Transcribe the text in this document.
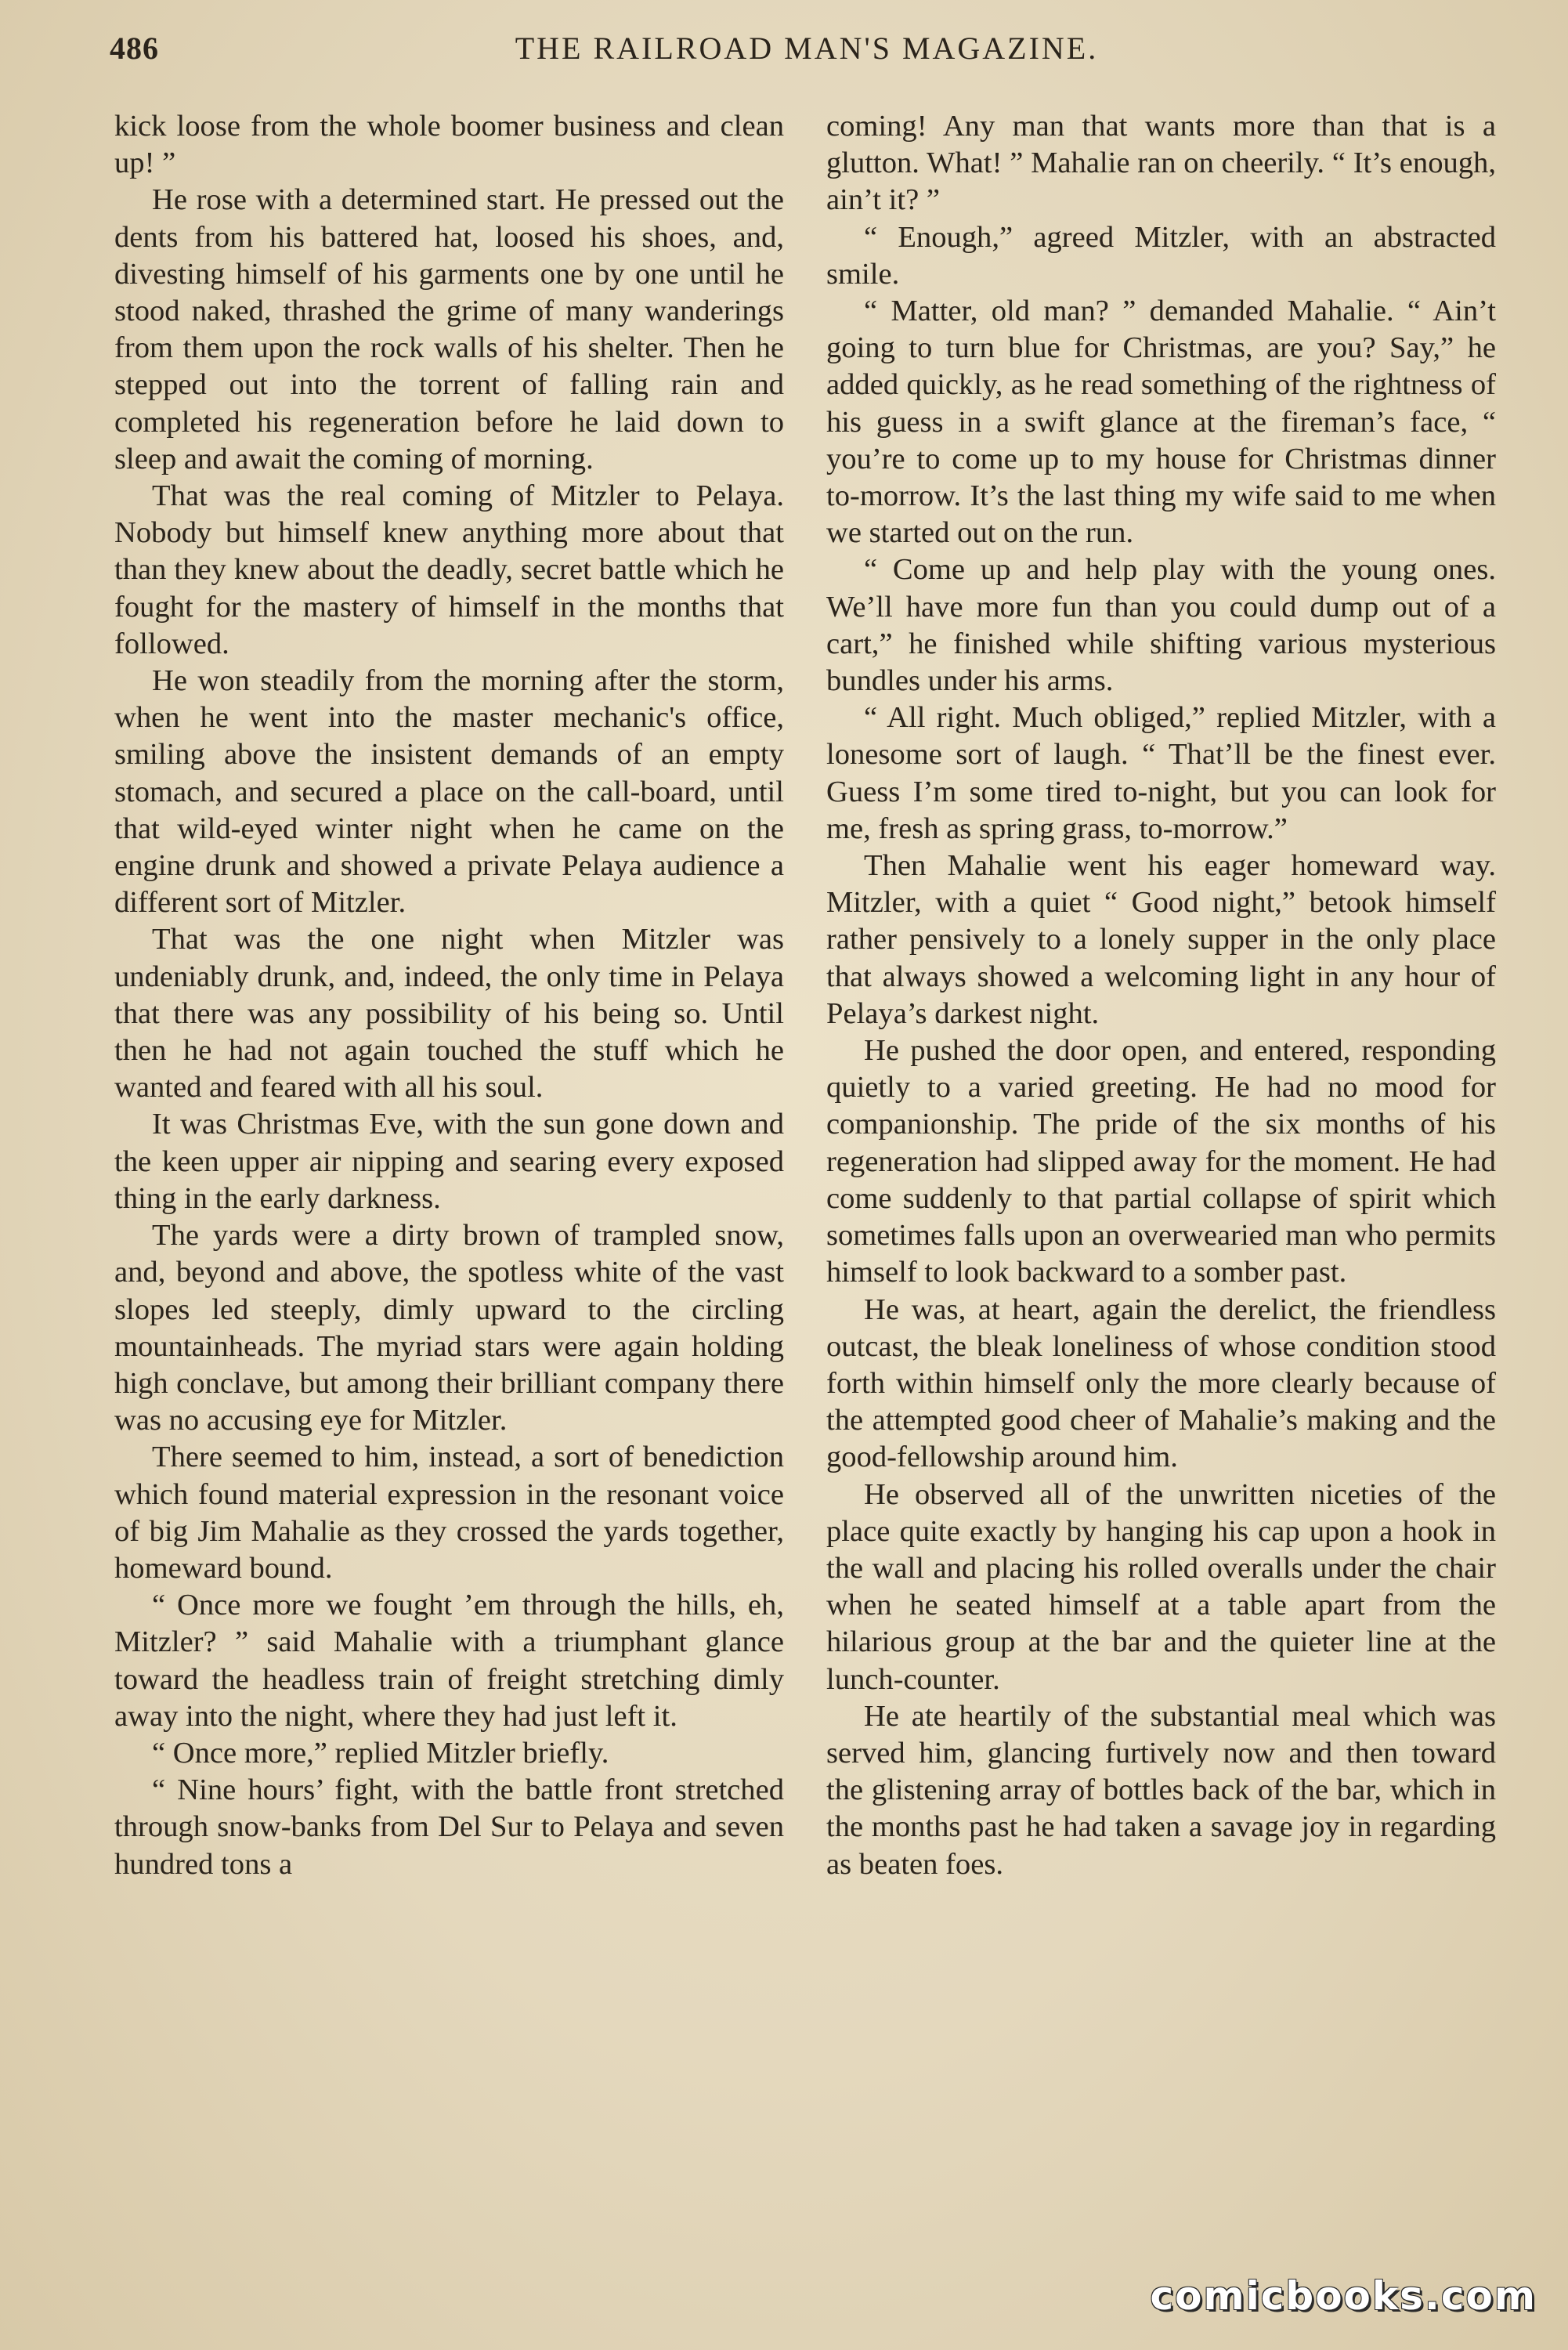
486	THE RAILROAD MAN'S MAGAZINE.

kick loose from the whole boomer business and clean up! ”

He rose with a determined start. He pressed out the dents from his battered hat, loosed his shoes, and, divesting himself of his garments one by one until he stood naked, thrashed the grime of many wanderings from them upon the rock walls of his shelter. Then he stepped out into the torrent of falling rain and completed his regeneration before he laid down to sleep and await the coming of morning.

That was the real coming of Mitzler to Pelaya. Nobody but himself knew anything more about that than they knew about the deadly, secret battle which he fought for the mastery of himself in the months that followed.

He won steadily from the morning after the storm, when he went into the master mechanic's office, smiling above the insistent demands of an empty stomach, and secured a place on the call-board, until that wild-eyed winter night when he came on the engine drunk and showed a private Pelaya audience a different sort of Mitzler.

That was the one night when Mitzler was undeniably drunk, and, indeed, the only time in Pelaya that there was any possibility of his being so. Until then he had not again touched the stuff which he wanted and feared with all his soul.

It was Christmas Eve, with the sun gone down and the keen upper air nipping and searing every exposed thing in the early darkness.

The yards were a dirty brown of trampled snow, and, beyond and above, the spotless white of the vast slopes led steeply, dimly upward to the circling mountainheads. The myriad stars were again holding high conclave, but among their brilliant company there was no accusing eye for Mitzler.

There seemed to him, instead, a sort of benediction which found material expression in the resonant voice of big Jim Mahalie as they crossed the yards together, homeward bound.

“ Once more we fought ’em through the hills, eh, Mitzler? ” said Mahalie with a triumphant glance toward the headless train of freight stretching dimly away into the night, where they had just left it.

“ Once more,” replied Mitzler briefly.

“ Nine hours’ fight, with the battle front stretched through snow-banks from Del Sur to Pelaya and seven hundred tons a

coming! Any man that wants more than that is a glutton. What! ” Mahalie ran on cheerily. “ It’s enough, ain’t it? ”

“ Enough,” agreed Mitzler, with an abstracted smile.

“ Matter, old man? ” demanded Mahalie. “ Ain’t going to turn blue for Christmas, are you? Say,” he added quickly, as he read something of the rightness of his guess in a swift glance at the fireman’s face, “ you’re to come up to my house for Christmas dinner to-morrow. It’s the last thing my wife said to me when we started out on the run.

“ Come up and help play with the young ones. We’ll have more fun than you could dump out of a cart,” he finished while shifting various mysterious bundles under his arms.

“ All right. Much obliged,” replied Mitzler, with a lonesome sort of laugh. “ That’ll be the finest ever. Guess I’m some tired to-night, but you can look for me, fresh as spring grass, to-morrow.”

Then Mahalie went his eager homeward way. Mitzler, with a quiet “ Good night,” betook himself rather pensively to a lonely supper in the only place that always showed a welcoming light in any hour of Pelaya’s darkest night.

He pushed the door open, and entered, responding quietly to a varied greeting. He had no mood for companionship. The pride of the six months of his regeneration had slipped away for the moment. He had come suddenly to that partial collapse of spirit which sometimes falls upon an overwearied man who permits himself to look backward to a somber past.

He was, at heart, again the derelict, the friendless outcast, the bleak loneliness of whose condition stood forth within himself only the more clearly because of the attempted good cheer of Mahalie’s making and the good-fellowship around him.

He observed all of the unwritten niceties of the place quite exactly by hanging his cap upon a hook in the wall and placing his rolled overalls under the chair when he seated himself at a table apart from the hilarious group at the bar and the quieter line at the lunch-counter.

He ate heartily of the substantial meal which was served him, glancing furtively now and then toward the glistening array of bottles back of the bar, which in the months past he had taken a savage joy in regarding as beaten foes.

comicbooks.com
